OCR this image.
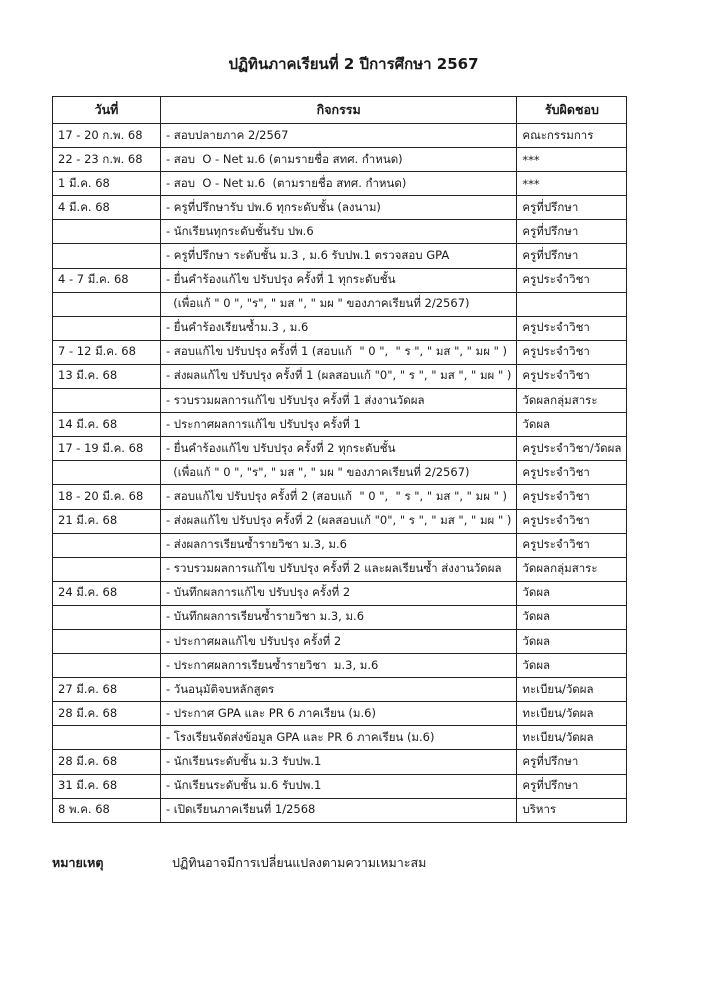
ปฏิทินภาคเรียนที่ 2 ปีการศึกษา 2567
วันที่	กิจกรรม	รับผิดชอบ
17 - 20 ก.พ. 68	- สอบปลายภาค 2/2567	คณะกรรมการ
22 - 23 ก.พ. 68	- สอบ  O - Net ม.6 (ตามรายชื่อ สทศ. กำหนด)	***
1 มี.ค. 68	- สอบ  O - Net ม.6  (ตามรายชื่อ สทศ. กำหนด)	***
4 มี.ค. 68	- ครูที่ปรึกษารับ ปพ.6 ทุกระดับชั้น (ลงนาม)	ครูที่ปรึกษา
	- นักเรียนทุกระดับชั้นรับ ปพ.6	ครูที่ปรึกษา
	- ครูที่ปรึกษา ระดับชั้น ม.3 , ม.6 รับปพ.1 ตรวจสอบ GPA	ครูที่ปรึกษา
4 - 7 มี.ค. 68	- ยื่นคำร้องแก้ไข ปรับปรุง ครั้งที่ 1 ทุกระดับชั้น	ครูประจำวิชา
	(เพื่อแก้ " 0 ", "ร", " มส ", " มผ " ของภาคเรียนที่ 2/2567)	
	- ยื่นคำร้องเรียนซ้ำม.3 , ม.6	ครูประจำวิชา
7 - 12 มี.ค. 68	- สอบแก้ไข ปรับปรุง ครั้งที่ 1 (สอบแก้  " 0 ",  " ร ", " มส ", " มผ " )	ครูประจำวิชา
13 มี.ค. 68	- ส่งผลแก้ไข ปรับปรุง ครั้งที่ 1 (ผลสอบแก้ "0", " ร ", " มส ", " มผ " )	ครูประจำวิชา
	- รวบรวมผลการแก้ไข ปรับปรุง ครั้งที่ 1 ส่งงานวัดผล	วัดผลกลุ่มสาระ
14 มี.ค. 68	- ประกาศผลการแก้ไข ปรับปรุง ครั้งที่ 1	วัดผล
17 - 19 มี.ค. 68	- ยื่นคำร้องแก้ไข ปรับปรุง ครั้งที่ 2 ทุกระดับชั้น	ครูประจำวิชา/วัดผล
	(เพื่อแก้ " 0 ", "ร", " มส ", " มผ " ของภาคเรียนที่ 2/2567)	ครูประจำวิชา
18 - 20 มี.ค. 68	- สอบแก้ไข ปรับปรุง ครั้งที่ 2 (สอบแก้  " 0 ",  " ร ", " มส ", " มผ " )	ครูประจำวิชา
21 มี.ค. 68	- ส่งผลแก้ไข ปรับปรุง ครั้งที่ 2 (ผลสอบแก้ "0", " ร ", " มส ", " มผ " )	ครูประจำวิชา
	- ส่งผลการเรียนซ้ำรายวิชา ม.3, ม.6	ครูประจำวิชา
	- รวบรวมผลการแก้ไข ปรับปรุง ครั้งที่ 2 และผลเรียนซ้ำ ส่งงานวัดผล	วัดผลกลุ่มสาระ
24 มี.ค. 68	- บันทึกผลการแก้ไข ปรับปรุง ครั้งที่ 2	วัดผล
	- บันทึกผลการเรียนซ้ำรายวิชา ม.3, ม.6	วัดผล
	- ประกาศผลแก้ไข ปรับปรุง ครั้งที่ 2	วัดผล
	- ประกาศผลการเรียนซ้ำรายวิชา  ม.3, ม.6	วัดผล
27 มี.ค. 68	- วันอนุมัติจบหลักสูตร	ทะเบียน/วัดผล
28 มี.ค. 68	- ประกาศ GPA และ PR 6 ภาคเรียน (ม.6)	ทะเบียน/วัดผล
	- โรงเรียนจัดส่งข้อมูล GPA และ PR 6 ภาคเรียน (ม.6)	ทะเบียน/วัดผล
28 มี.ค. 68	- นักเรียนระดับชั้น ม.3 รับปพ.1	ครูที่ปรึกษา
31 มี.ค. 68	- นักเรียนระดับชั้น ม.6 รับปพ.1	ครูที่ปรึกษา
8 พ.ค. 68	- เปิดเรียนภาคเรียนที่ 1/2568	บริหาร
หมายเหตุ	ปฏิทินอาจมีการเปลี่ยนแปลงตามความเหมาะสม
